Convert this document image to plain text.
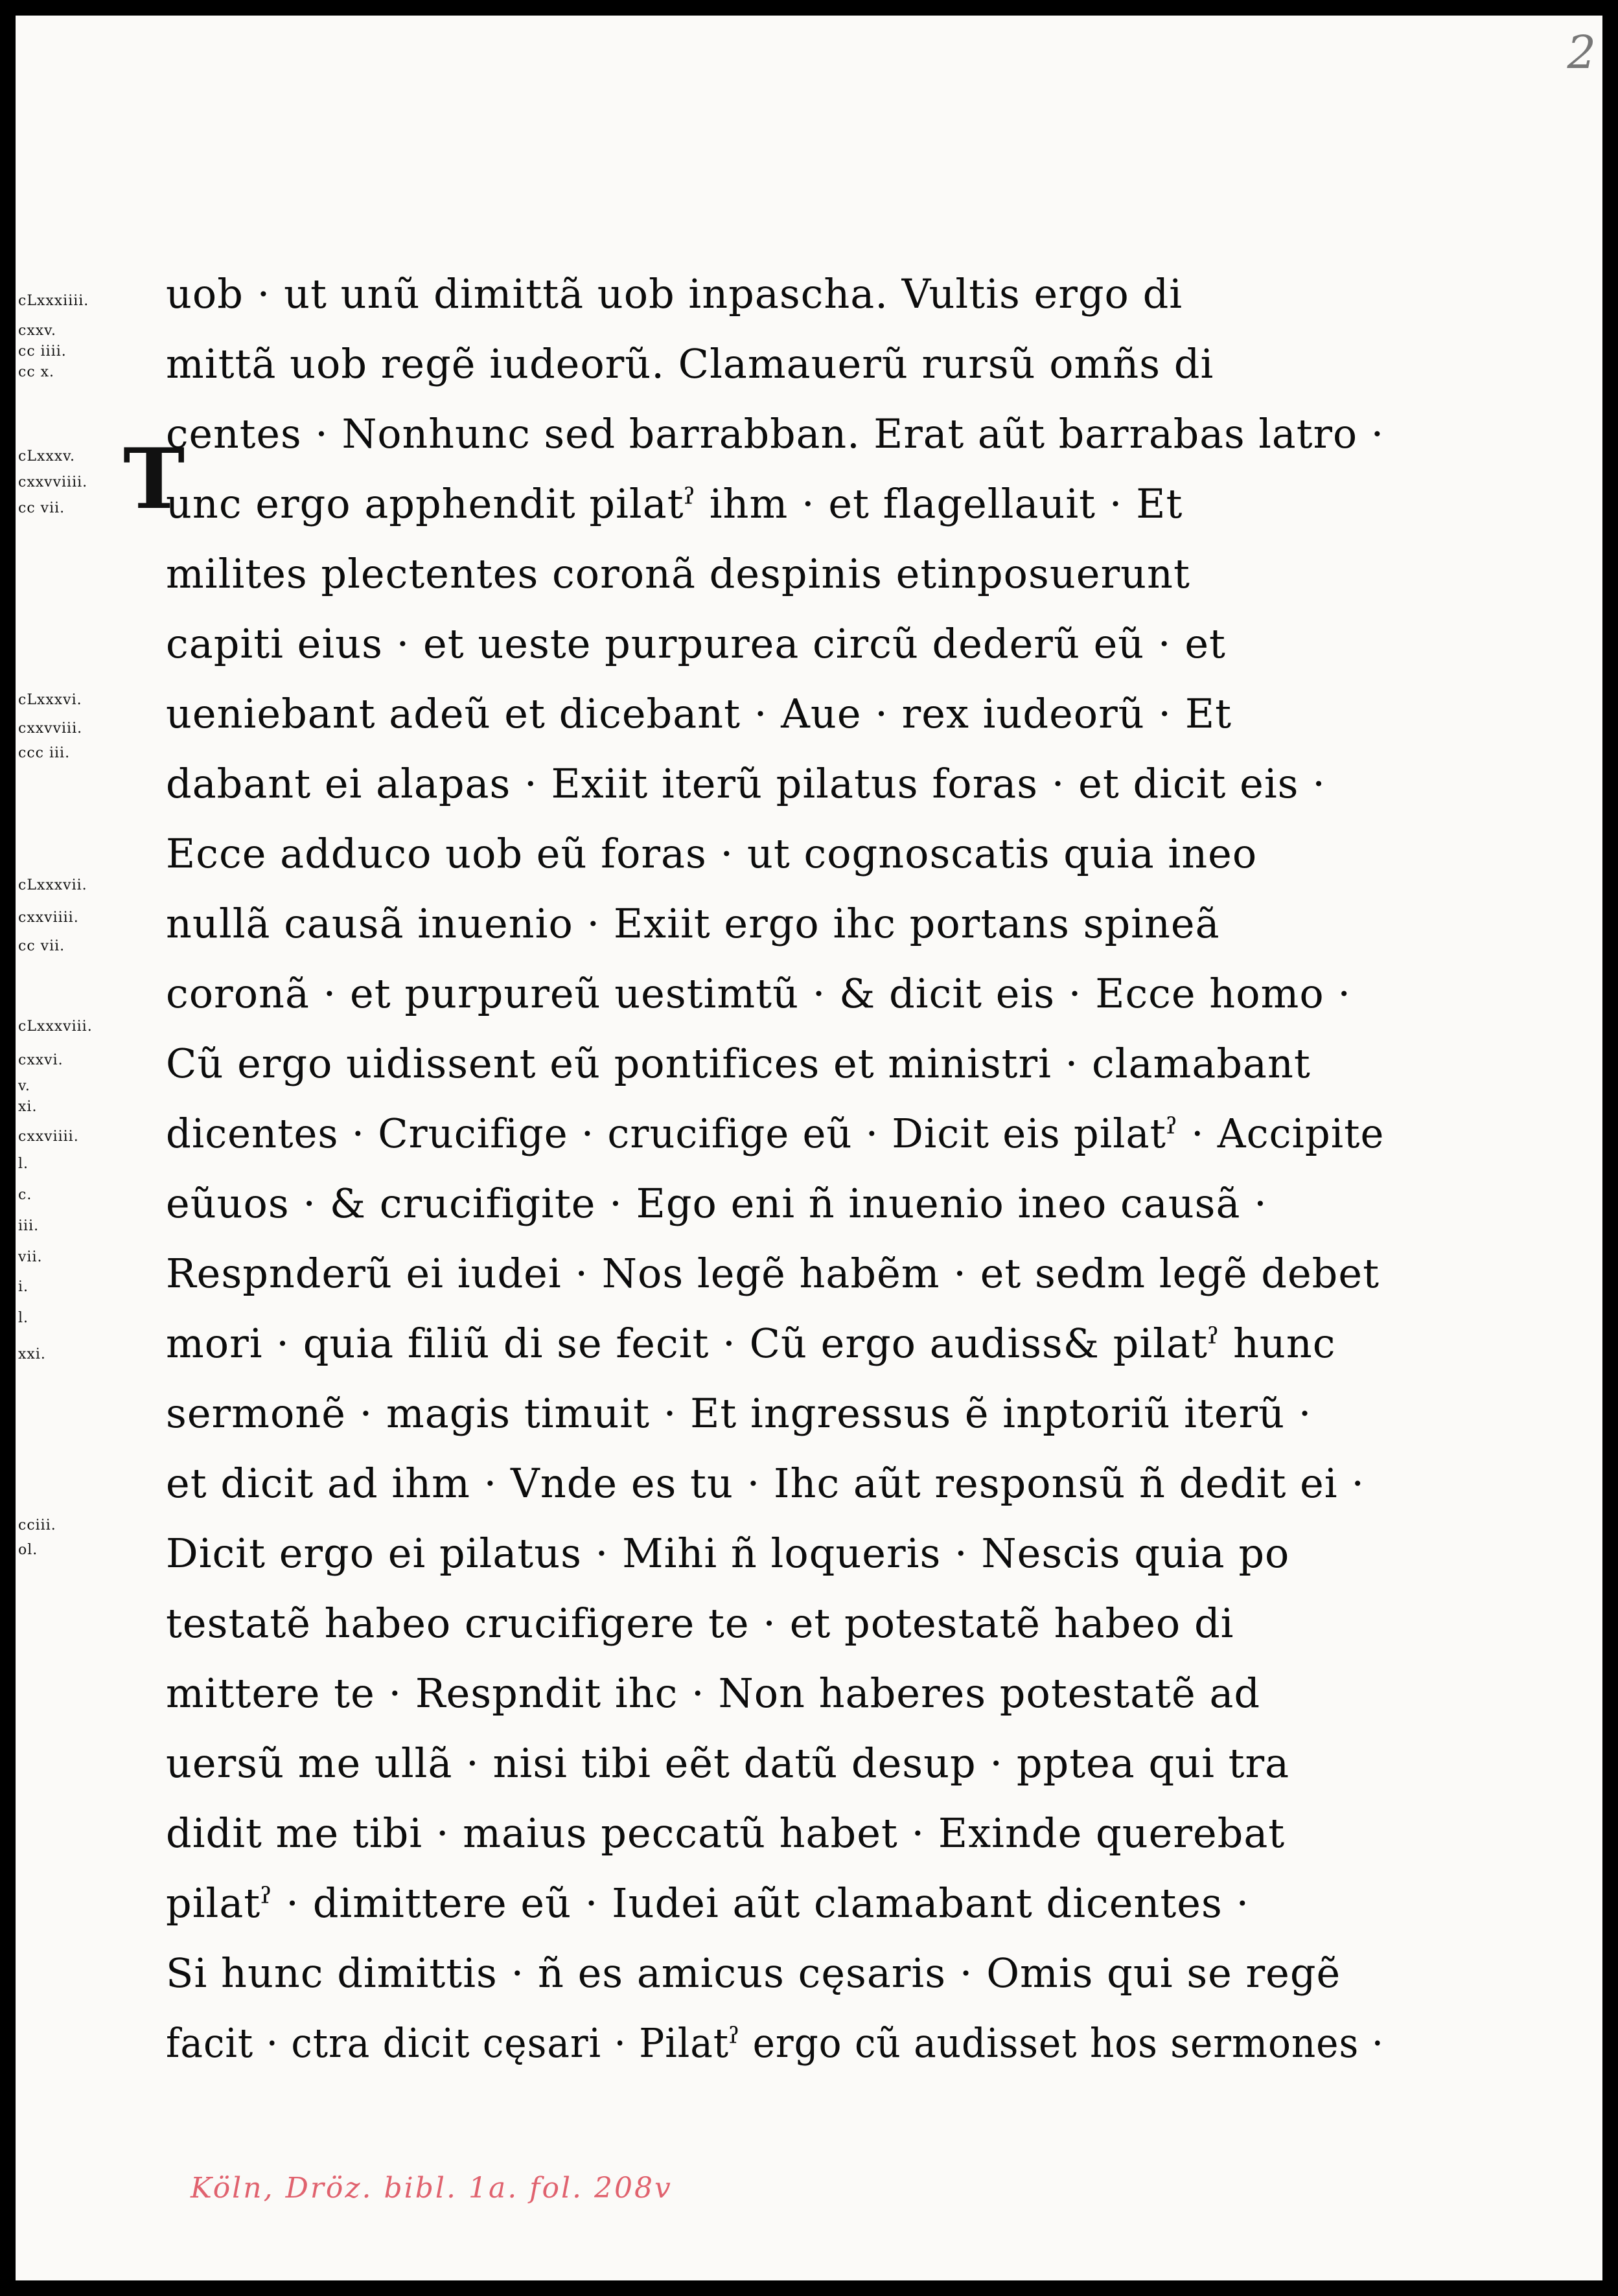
2
cLxxxiiii.
cxxv.
cc iiii.
cc x.
cLxxxv.
cxxvviiii.
cc vii.
cLxxxvi.
cxxvviii.
ccc iii.
cLxxxvii.
cxxviiii.
cc vii.
cLxxxviii.
cxxvi.
v.
xi.
cxxviiii.
l.
c.
iii.
vii.
i.
l.
xxi.
cciii.
ol.
T
uob · ut unũ dimittã uob inpascha. Vultis ergo di
mittã uob regẽ iudeorũ. Clamauerũ rursũ omñs di
centes · Nonhunc sed barrabban. Erat aũt barrabas latro ·
unc ergo apphendit pilatˀ ihm · et flagellauit · Et
milites plectentes coronã despinis etinposuerunt
capiti eius · et ueste purpurea circũ dederũ eũ · et
ueniebant adeũ et dicebant · Aue · rex iudeorũ · Et
dabant ei alapas · Exiit iterũ pilatus foras · et dicit eis ·
Ecce adduco uob eũ foras · ut cognoscatis quia ineo
nullã causã inuenio · Exiit ergo ihc portans spineã
coronã · et purpureũ uestimtũ · & dicit eis · Ecce homo ·
Cũ ergo uidissent eũ pontifices et ministri · clamabant
dicentes · Crucifige · crucifige eũ · Dicit eis pilatˀ · Accipite
eũuos · & crucifigite · Ego eni ñ inuenio ineo causã ·
Respnderũ ei iudei · Nos legẽ habẽm · et sedm legẽ debet
mori · quia filiũ di se fecit · Cũ ergo audiss& pilatˀ hunc
sermonẽ · magis timuit · Et ingressus ẽ inptoriũ iterũ ·
et dicit ad ihm · Vnde es tu · Ihc aũt responsũ ñ dedit ei ·
Dicit ergo ei pilatus · Mihi ñ loqueris · Nescis quia po
testatẽ habeo crucifigere te · et potestatẽ habeo di
mittere te · Respndit ihc · Non haberes potestatẽ ad
uersũ me ullã · nisi tibi eẽt datũ desup · pptea qui tra
didit me tibi · maius peccatũ habet · Exinde querebat
pilatˀ · dimittere eũ · Iudei aũt clamabant dicentes ·
Si hunc dimittis · ñ es amicus cęsaris · Omis qui se regẽ
facit · ctra dicit cęsari · Pilatˀ ergo cũ audisset hos sermones ·
Köln, Dröz. bibl. 1a. fol. 208v
